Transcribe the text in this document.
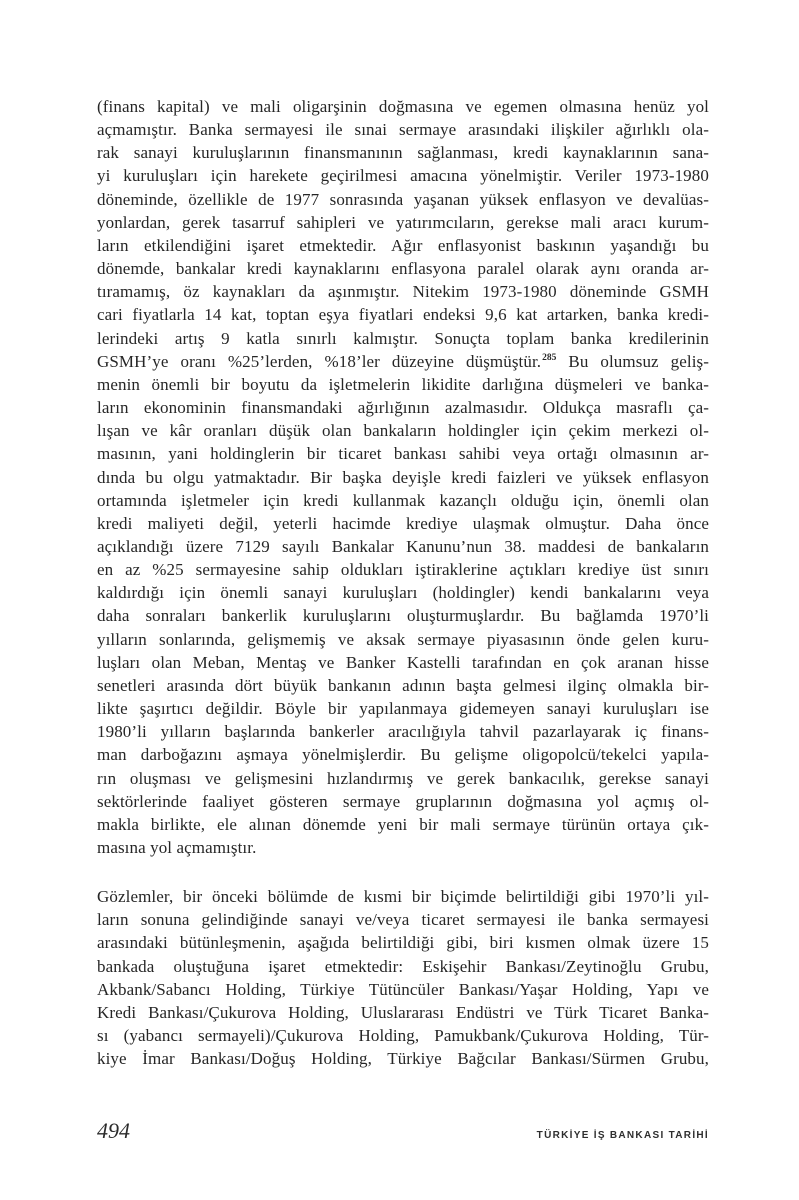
(finans kapital) ve mali oligarşinin doğmasına ve egemen olmasına henüz yol
açmamıştır. Banka sermayesi ile sınai sermaye arasındaki ilişkiler ağırlıklı ola-
rak sanayi kuruluşlarının finansmanının sağlanması, kredi kaynaklarının sana-
yi kuruluşları için harekete geçirilmesi amacına yönelmiştir. Veriler 1973-1980
döneminde, özellikle de 1977 sonrasında yaşanan yüksek enflasyon ve devalüas-
yonlardan, gerek tasarruf sahipleri ve yatırımcıların, gerekse mali aracı kurum-
ların etkilendiğini işaret etmektedir. Ağır enflasyonist baskının yaşandığı bu
dönemde, bankalar kredi kaynaklarını enflasyona paralel olarak aynı oranda ar-
tıramamış, öz kaynakları da aşınmıştır. Nitekim 1973-1980 döneminde GSMH
cari fiyatlarla 14 kat, toptan eşya fiyatlari endeksi 9,6 kat artarken, banka kredi-
lerindeki artış 9 katla sınırlı kalmıştır. Sonuçta toplam banka kredilerinin
GSMH’ye oranı %25’lerden, %18’ler düzeyine düşmüştür.$^{285}$ Bu olumsuz geliş-
menin önemli bir boyutu da işletmelerin likidite darlığına düşmeleri ve banka-
ların ekonominin finansmandaki ağırlığının azalmasıdır. Oldukça masraflı ça-
lışan ve kâr oranları düşük olan bankaların holdingler için çekim merkezi ol-
masının, yani holdinglerin bir ticaret bankası sahibi veya ortağı olmasının ar-
dında bu olgu yatmaktadır. Bir başka deyişle kredi faizleri ve yüksek enflasyon
ortamında işletmeler için kredi kullanmak kazançlı olduğu için, önemli olan
kredi maliyeti değil, yeterli hacimde krediye ulaşmak olmuştur. Daha önce
açıklandığı üzere 7129 sayılı Bankalar Kanunu’nun 38. maddesi de bankaların
en az %25 sermayesine sahip oldukları iştiraklerine açtıkları krediye üst sınırı
kaldırdığı için önemli sanayi kuruluşları (holdingler) kendi bankalarını veya
daha sonraları bankerlik kuruluşlarını oluşturmuşlardır. Bu bağlamda 1970’li
yılların sonlarında, gelişmemiş ve aksak sermaye piyasasının önde gelen kuru-
luşları olan Meban, Mentaş ve Banker Kastelli tarafından en çok aranan hisse
senetleri arasında dört büyük bankanın adının başta gelmesi ilginç olmakla bir-
likte şaşırtıcı değildir. Böyle bir yapılanmaya gidemeyen sanayi kuruluşları ise
1980’li yılların başlarında bankerler aracılığıyla tahvil pazarlayarak iç finans-
man darboğazını aşmaya yönelmişlerdir. Bu gelişme oligopolcü/tekelci yapıla-
rın oluşması ve gelişmesini hızlandırmış ve gerek bankacılık, gerekse sanayi
sektörlerinde faaliyet gösteren sermaye gruplarının doğmasına yol açmış ol-
makla birlikte, ele alınan dönemde yeni bir mali sermaye türünün ortaya çık-
masına yol açmamıştır.
Gözlemler, bir önceki bölümde de kısmi bir biçimde belirtildiği gibi 1970’li yıl-
ların sonuna gelindiğinde sanayi ve/veya ticaret sermayesi ile banka sermayesi
arasındaki bütünleşmenin, aşağıda belirtildiği gibi, biri kısmen olmak üzere 15
bankada oluştuğuna işaret etmektedir: Eskişehir Bankası/Zeytinoğlu Grubu,
Akbank/Sabancı Holding, Türkiye Tütüncüler Bankası/Yaşar Holding, Yapı ve
Kredi Bankası/Çukurova Holding, Uluslararası Endüstri ve Türk Ticaret Banka-
sı (yabancı sermayeli)/Çukurova Holding, Pamukbank/Çukurova Holding, Tür-
kiye İmar Bankası/Doğuş Holding, Türkiye Bağcılar Bankası/Sürmen Grubu,
494	TÜRKİYE İŞ BANKASI TARİHİ
